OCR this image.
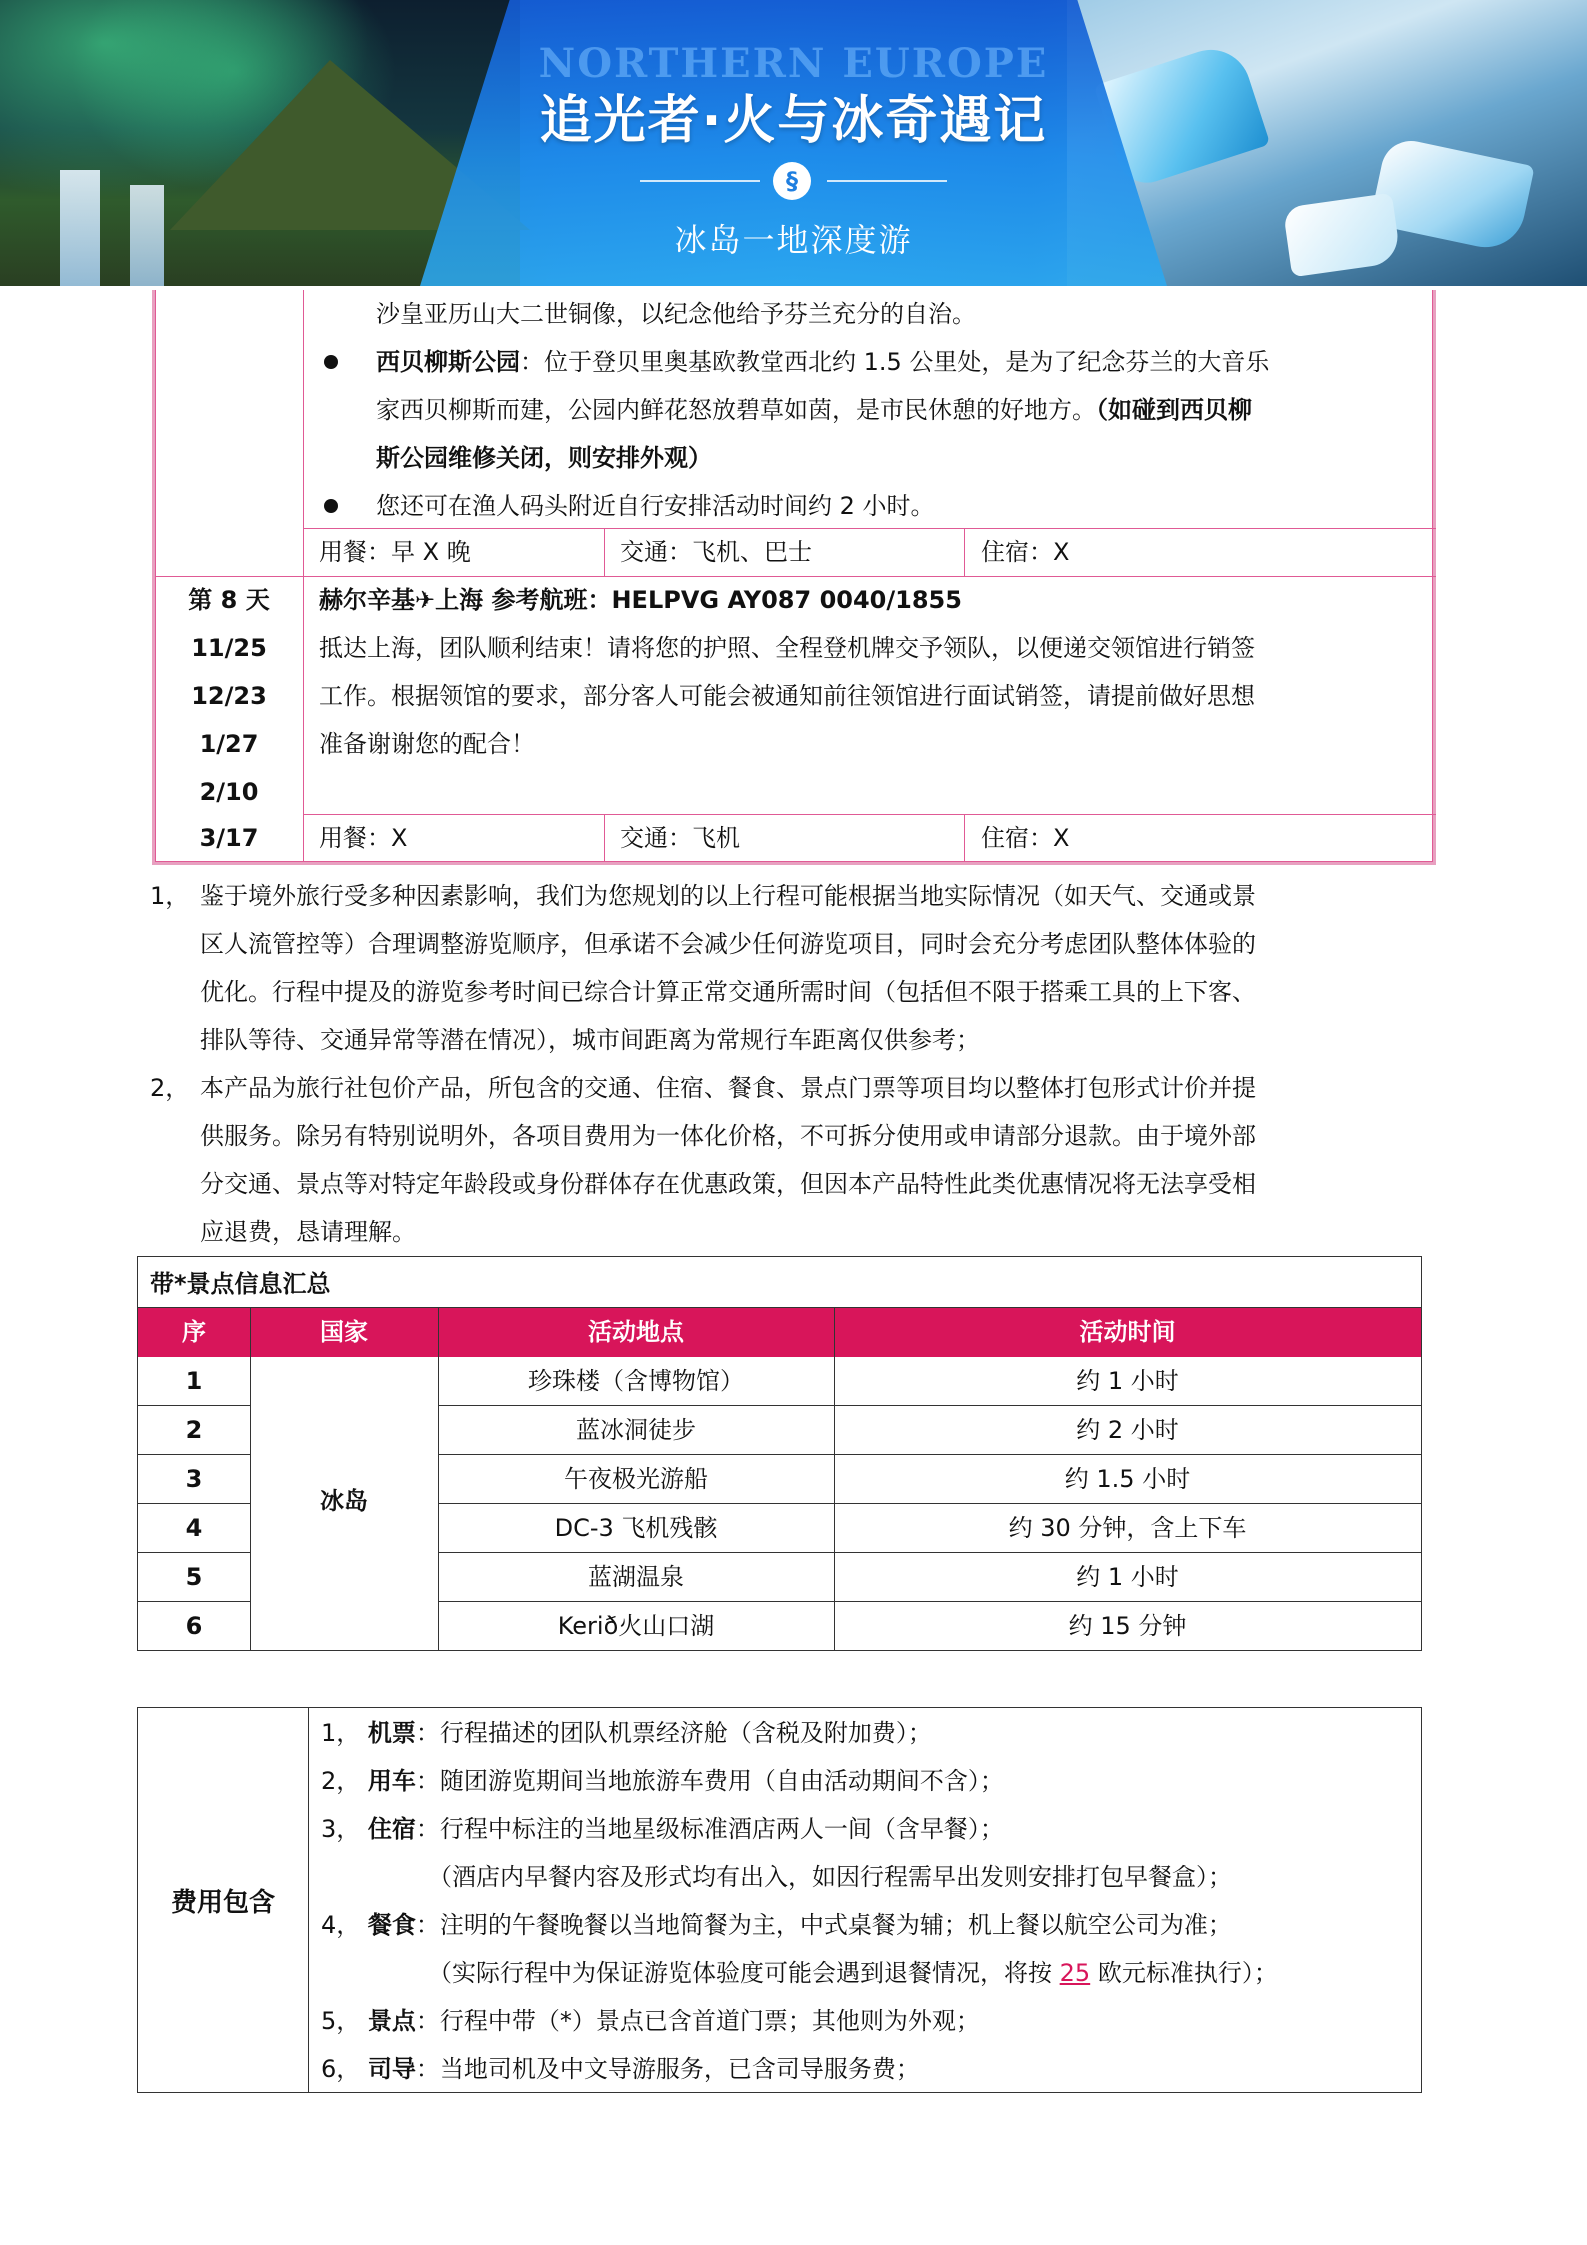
NORTHERN EUROPE
追光者·火与冰奇遇记
§
冰岛一地深度游
沙皇亚历山大二世铜像，以纪念他给予芬兰充分的自治。
西贝柳斯公园：位于登贝里奥基欧教堂西北约 1.5 公里处，是为了纪念芬兰的大音乐
家西贝柳斯而建，公园内鲜花怒放碧草如茵，是市民休憩的好地方。（如碰到西贝柳
斯公园维修关闭，则安排外观）
您还可在渔人码头附近自行安排活动时间约 2 小时。
用餐：早 X 晚	交通：飞机、巴士	住宿：X
第 8 天
11/25
12/23
1/27
2/10
3/17
赫尔辛基✈上海 参考航班：HELPVG AY087 0040/1855
抵达上海，团队顺利结束！请将您的护照、全程登机牌交予领队，以便递交领馆进行销签
工作。根据领馆的要求，部分客人可能会被通知前往领馆进行面试销签，请提前做好思想
准备谢谢您的配合！
用餐：X	交通：飞机	住宿：X
1， 鉴于境外旅行受多种因素影响，我们为您规划的以上行程可能根据当地实际情况（如天气、交通或景
区人流管控等）合理调整游览顺序，但承诺不会减少任何游览项目，同时会充分考虑团队整体体验的
优化。行程中提及的游览参考时间已综合计算正常交通所需时间（包括但不限于搭乘工具的上下客、
排队等待、交通异常等潜在情况），城市间距离为常规行车距离仅供参考；
2， 本产品为旅行社包价产品，所包含的交通、住宿、餐食、景点门票等项目均以整体打包形式计价并提
供服务。除另有特别说明外，各项目费用为一体化价格，不可拆分使用或申请部分退款。由于境外部
分交通、景点等对特定年龄段或身份群体存在优惠政策，但因本产品特性此类优惠情况将无法享受相
应退费，恳请理解。
带*景点信息汇总
序	国家	活动地点	活动时间
冰岛
1	珍珠楼（含博物馆）	约 1 小时
2	蓝冰洞徒步	约 2 小时
3	午夜极光游船	约 1.5 小时
4	DC-3 飞机残骸	约 30 分钟，含上下车
5	蓝湖温泉	约 1 小时
6	Kerið火山口湖	约 15 分钟
费用包含
1， 机票：行程描述的团队机票经济舱（含税及附加费）；
2， 用车：随团游览期间当地旅游车费用（自由活动期间不含）；
3， 住宿：行程中标注的当地星级标准酒店两人一间（含早餐）；
（酒店内早餐内容及形式均有出入，如因行程需早出发则安排打包早餐盒）；
4， 餐食：注明的午餐晚餐以当地简餐为主，中式桌餐为辅；机上餐以航空公司为准；
（实际行程中为保证游览体验度可能会遇到退餐情况，将按 25 欧元标准执行）；
5， 景点：行程中带（*）景点已含首道门票；其他则为外观；
6， 司导：当地司机及中文导游服务，已含司导服务费；
